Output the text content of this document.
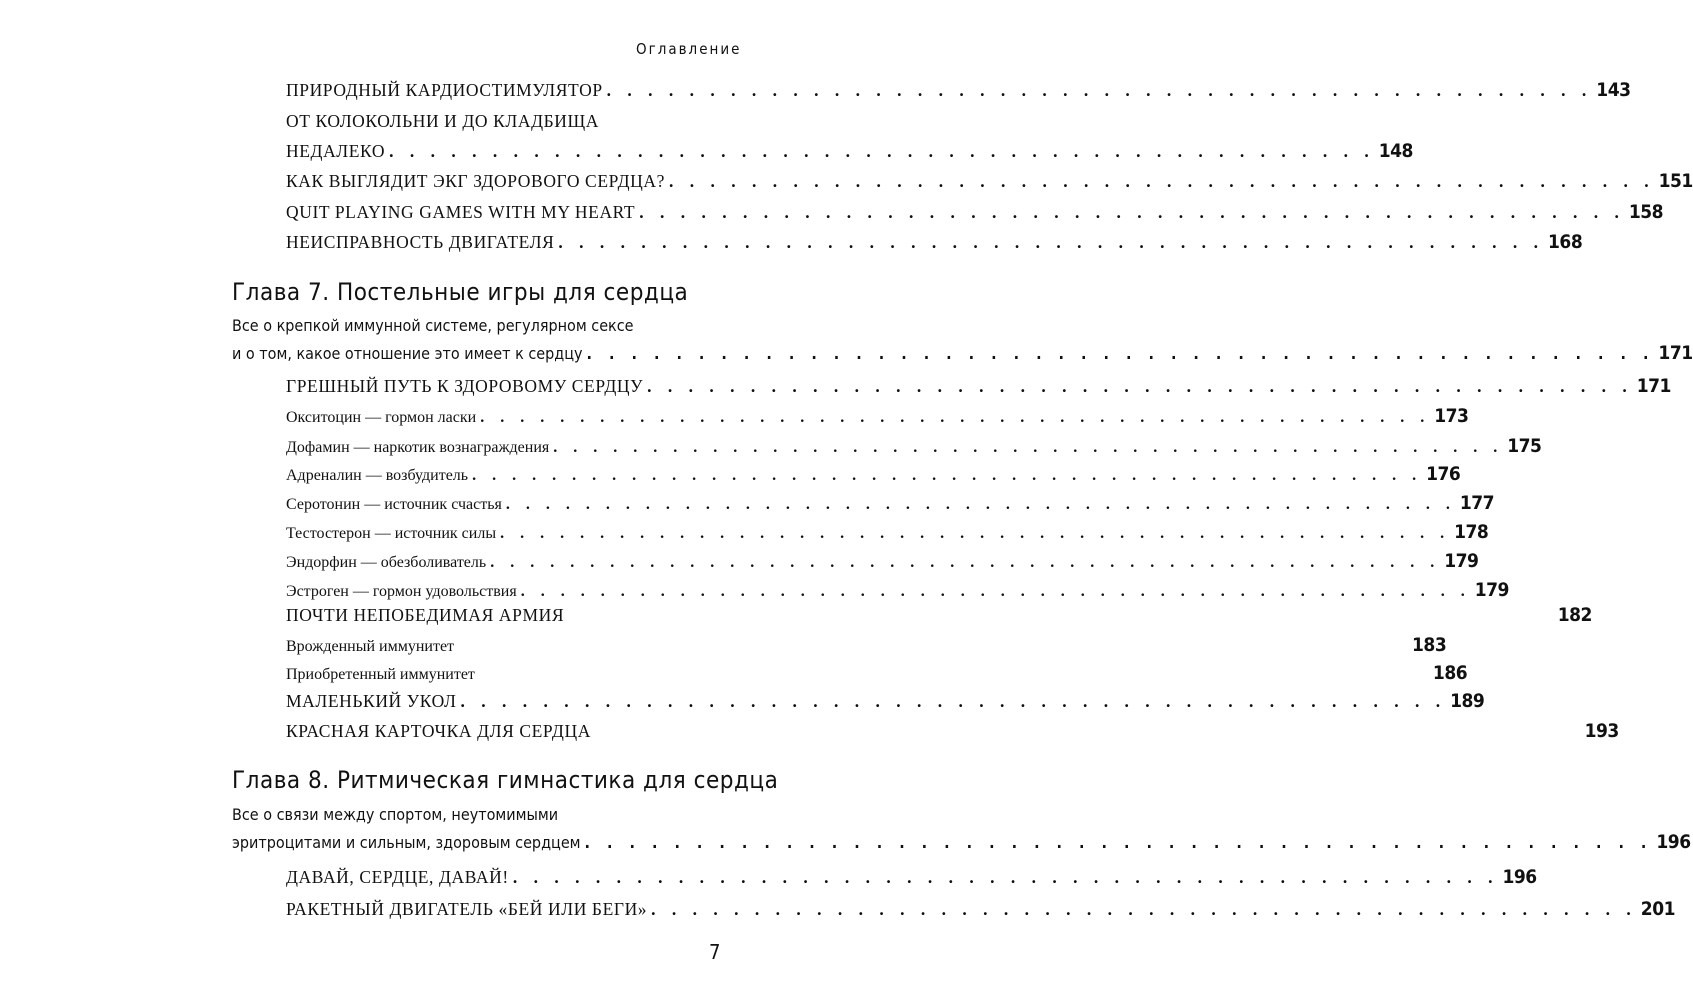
Оглавление
ПРИРОДНЫЙ КАРДИОСТИМУЛЯТОР . . . . . . . . . . . . . . . . . . . . . . . . . . . . . . . . . . . . . . . . . . . . . . . . 143
ОТ КОЛОКОЛЬНИ И ДО КЛАДБИЩА
НЕДАЛЕКО . . . . . . . . . . . . . . . . . . . . . . . . . . . . . . . . . . . . . . . . . . . . . . . . 148
КАК ВЫГЛЯДИТ ЭКГ ЗДОРОВОГО СЕРДЦА? . . . . . . . . . . . . . . . . . . . . . . . . . . . . . . . . . . . . . . . . . . . . . . . . 151
QUIT PLAYING GAMES WITH MY HEART . . . . . . . . . . . . . . . . . . . . . . . . . . . . . . . . . . . . . . . . . . . . . . . . 158
НЕИСПРАВНОСТЬ ДВИГАТЕЛЯ . . . . . . . . . . . . . . . . . . . . . . . . . . . . . . . . . . . . . . . . . . . . . . . . 168
Глава 7. Постельные игры для сердца
Все о крепкой иммунной системе, регулярном сексе
и о том, какое отношение это имеет к сердцу . . . . . . . . . . . . . . . . . . . . . . . . . . . . . . . . . . . . . . . . . . . . . . . . 171
ГРЕШНЫЙ ПУТЬ К ЗДОРОВОМУ СЕРДЦУ . . . . . . . . . . . . . . . . . . . . . . . . . . . . . . . . . . . . . . . . . . . . . . . . 171
Окситоцин — гормон ласки . . . . . . . . . . . . . . . . . . . . . . . . . . . . . . . . . . . . . . . . . . . . . . . . 173
Дофамин — наркотик вознаграждения . . . . . . . . . . . . . . . . . . . . . . . . . . . . . . . . . . . . . . . . . . . . . . . . 175
Адреналин — возбудитель . . . . . . . . . . . . . . . . . . . . . . . . . . . . . . . . . . . . . . . . . . . . . . . . 176
Серотонин — источник счастья . . . . . . . . . . . . . . . . . . . . . . . . . . . . . . . . . . . . . . . . . . . . . . . . 177
Тестостерон — источник силы . . . . . . . . . . . . . . . . . . . . . . . . . . . . . . . . . . . . . . . . . . . . . . . . 178
Эндорфин — обезболиватель . . . . . . . . . . . . . . . . . . . . . . . . . . . . . . . . . . . . . . . . . . . . . . . . 179
Эстроген — гормон удовольствия . . . . . . . . . . . . . . . . . . . . . . . . . . . . . . . . . . . . . . . . . . . . . . . . 179
ПОЧТИ НЕПОБЕДИМАЯ АРМИЯ	182
Врожденный иммунитет	183
Приобретенный иммунитет	186
МАЛЕНЬКИЙ УКОЛ . . . . . . . . . . . . . . . . . . . . . . . . . . . . . . . . . . . . . . . . . . . . . . . . 189
КРАСНАЯ КАРТОЧКА ДЛЯ СЕРДЦА	193
Глава 8. Ритмическая гимнастика для сердца
Все о связи между спортом, неутомимыми
эритроцитами и сильным, здоровым сердцем . . . . . . . . . . . . . . . . . . . . . . . . . . . . . . . . . . . . . . . . . . . . . . . . 196
ДАВАЙ, СЕРДЦЕ, ДАВАЙ! . . . . . . . . . . . . . . . . . . . . . . . . . . . . . . . . . . . . . . . . . . . . . . . . 196
РАКЕТНЫЙ ДВИГАТЕЛЬ «БЕЙ ИЛИ БЕГИ» . . . . . . . . . . . . . . . . . . . . . . . . . . . . . . . . . . . . . . . . . . . . . . . . 201
7
